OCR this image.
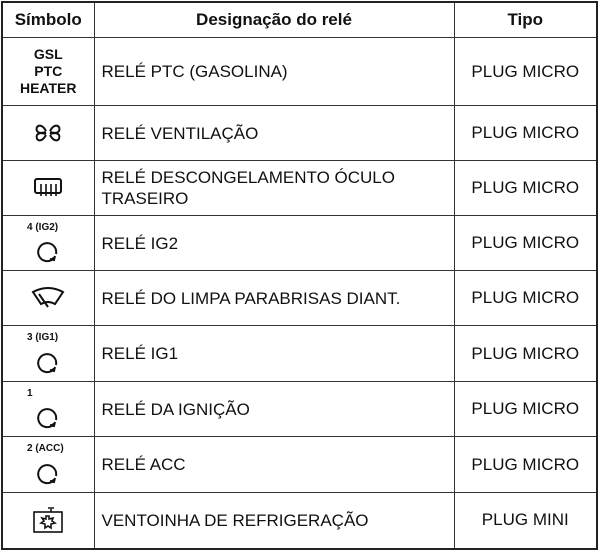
Símbolo	Designação do relé	Tipo

GSL
PTC
HEATER	RELÉ PTC (GASOLINA)	PLUG MICRO
	RELÉ VENTILAÇÃO	PLUG MICRO
	RELÉ DESCONGELAMENTO ÓCULO TRASEIRO	PLUG MICRO

4 (IG2)	RELÉ IG2	PLUG MICRO
	RELÉ DO LIMPA PARABRISAS DIANT.	PLUG MICRO

3 (IG1)	RELÉ IG1	PLUG MICRO

1	RELÉ DA IGNIÇÃO	PLUG MICRO

2 (ACC)	RELÉ ACC	PLUG MICRO
	VENTOINHA DE REFRIGERAÇÃO	PLUG MINI
